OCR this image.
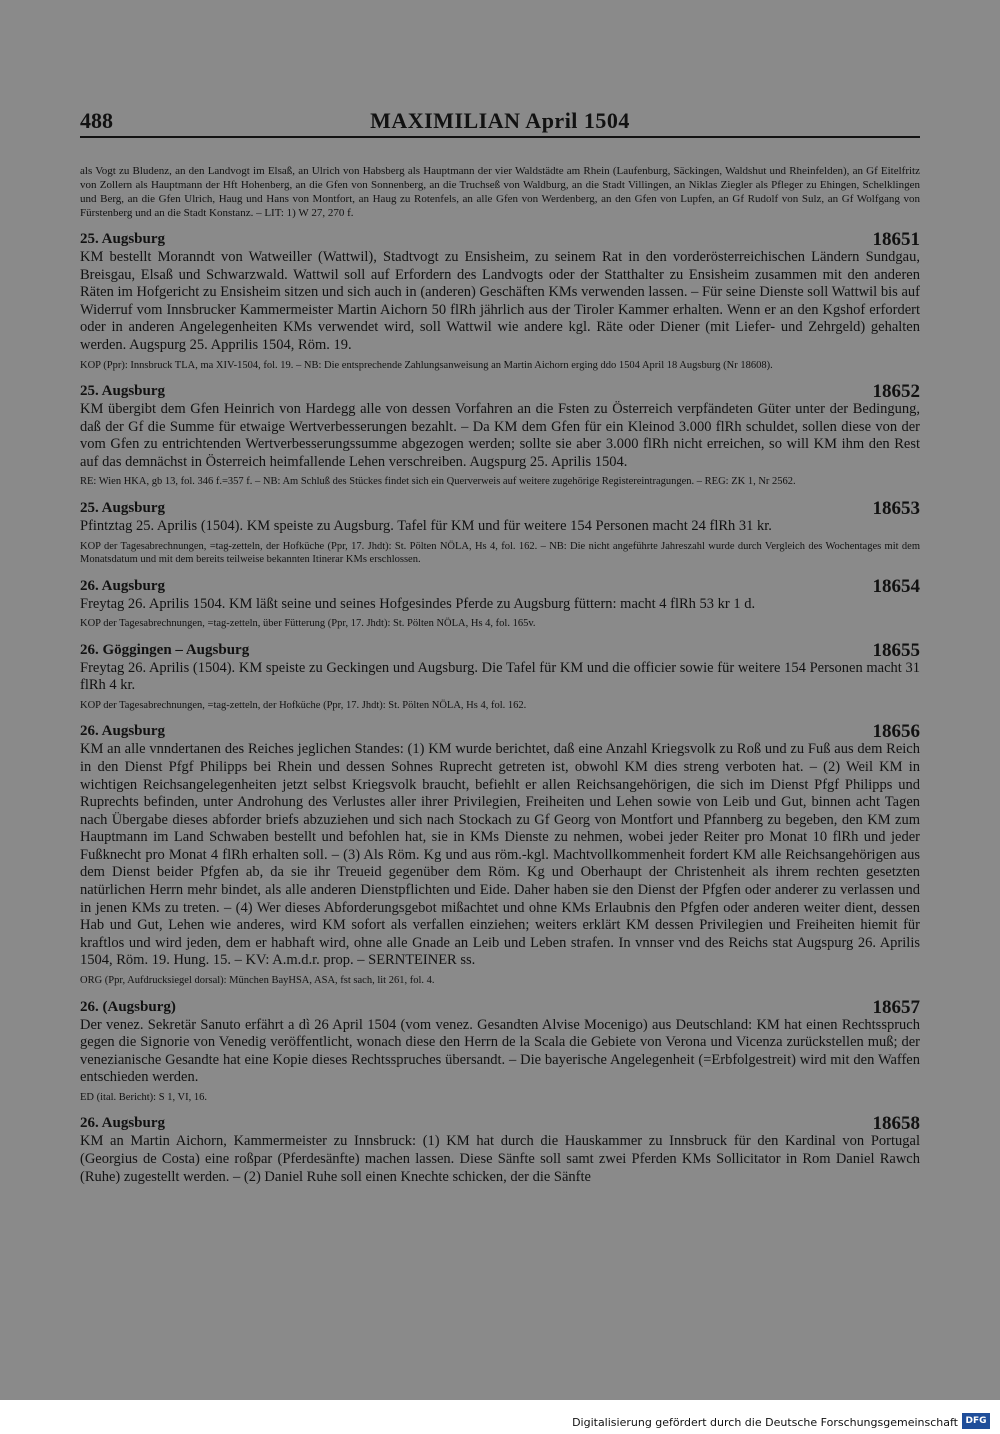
488	MAXIMILIAN April 1504

als Vogt zu Bludenz, an den Landvogt im Elsaß, an Ulrich von Habsberg als Hauptmann der vier Waldstädte am Rhein (Laufenburg, Säckingen, Waldshut und Rheinfelden), an Gf Eitelfritz von Zollern als Hauptmann der Hft Hohenberg, an die Gfen von Sonnenberg, an die Truchseß von Waldburg, an die Stadt Villingen, an Niklas Ziegler als Pfleger zu Ehingen, Schelklingen und Berg, an die Gfen Ulrich, Haug und Hans von Montfort, an Haug zu Rotenfels, an alle Gfen von Werdenberg, an den Gfen von Lupfen, an Gf Rudolf von Sulz, an Gf Wolfgang von Fürstenberg und an die Stadt Konstanz. – LIT: 1) W 27, 270 f.

25. Augsburg	18651

KM bestellt Moranndt von Watweiller (Wattwil), Stadtvogt zu Ensisheim, zu seinem Rat in den vorderösterreichischen Ländern Sundgau, Breisgau, Elsaß und Schwarzwald. Wattwil soll auf Erfordern des Landvogts oder der Statthalter zu Ensisheim zusammen mit den anderen Räten im Hofgericht zu Ensisheim sitzen und sich auch in (anderen) Geschäften KMs verwenden lassen. – Für seine Dienste soll Wattwil bis auf Widerruf vom Innsbrucker Kammermeister Martin Aichorn 50 flRh jährlich aus der Tiroler Kammer erhalten. Wenn er an den Kgshof erfordert oder in anderen Angelegenheiten KMs verwendet wird, soll Wattwil wie andere kgl. Räte oder Diener (mit Liefer- und Zehrgeld) gehalten werden. Augspurg 25. Apprilis 1504, Röm. 19.

KOP (Ppr): Innsbruck TLA, ma XIV-1504, fol. 19. – NB: Die entsprechende Zahlungsanweisung an Martin Aichorn erging ddo 1504 April 18 Augsburg (Nr 18608).

25. Augsburg	18652

KM übergibt dem Gfen Heinrich von Hardegg alle von dessen Vorfahren an die Fsten zu Österreich verpfändeten Güter unter der Bedingung, daß der Gf die Summe für etwaige Wertverbesserungen bezahlt. – Da KM dem Gfen für ein Kleinod 3.000 flRh schuldet, sollen diese von der vom Gfen zu entrichtenden Wertverbesserungssumme abgezogen werden; sollte sie aber 3.000 flRh nicht erreichen, so will KM ihm den Rest auf das demnächst in Österreich heimfallende Lehen verschreiben. Augspurg 25. Aprilis 1504.

RE: Wien HKA, gb 13, fol. 346 f.=357 f. – NB: Am Schluß des Stückes findet sich ein Querverweis auf weitere zugehörige Registereintragungen. – REG: ZK 1, Nr 2562.

25. Augsburg	18653

Pfintztag 25. Aprilis (1504). KM speiste zu Augsburg. Tafel für KM und für weitere 154 Personen macht 24 flRh 31 kr.

KOP der Tagesabrechnungen, =tag-zetteln, der Hofküche (Ppr, 17. Jhdt): St. Pölten NÖLA, Hs 4, fol. 162. – NB: Die nicht angeführte Jahreszahl wurde durch Vergleich des Wochentages mit dem Monatsdatum und mit dem bereits teilweise bekannten Itinerar KMs erschlossen.

26. Augsburg	18654

Freytag 26. Aprilis 1504. KM läßt seine und seines Hofgesindes Pferde zu Augsburg füttern: macht 4 flRh 53 kr 1 d.

KOP der Tagesabrechnungen, =tag-zetteln, über Fütterung (Ppr, 17. Jhdt): St. Pölten NÖLA, Hs 4, fol. 165v.

26. Göggingen – Augsburg	18655

Freytag 26. Aprilis (1504). KM speiste zu Geckingen und Augsburg. Die Tafel für KM und die officier sowie für weitere 154 Personen macht 31 flRh 4 kr.

KOP der Tagesabrechnungen, =tag-zetteln, der Hofküche (Ppr, 17. Jhdt): St. Pölten NÖLA, Hs 4, fol. 162.

26. Augsburg	18656

KM an alle vnndertanen des Reiches jeglichen Standes: (1) KM wurde berichtet, daß eine Anzahl Kriegsvolk zu Roß und zu Fuß aus dem Reich in den Dienst Pfgf Philipps bei Rhein und dessen Sohnes Ruprecht getreten ist, obwohl KM dies streng verboten hat. – (2) Weil KM in wichtigen Reichsangelegenheiten jetzt selbst Kriegsvolk braucht, befiehlt er allen Reichsangehörigen, die sich im Dienst Pfgf Philipps und Ruprechts befinden, unter Androhung des Verlustes aller ihrer Privilegien, Freiheiten und Lehen sowie von Leib und Gut, binnen acht Tagen nach Übergabe dieses abforder briefs abzuziehen und sich nach Stockach zu Gf Georg von Montfort und Pfannberg zu begeben, den KM zum Hauptmann im Land Schwaben bestellt und befohlen hat, sie in KMs Dienste zu nehmen, wobei jeder Reiter pro Monat 10 flRh und jeder Fußknecht pro Monat 4 flRh erhalten soll. – (3) Als Röm. Kg und aus röm.-kgl. Machtvollkommenheit fordert KM alle Reichsangehörigen aus dem Dienst beider Pfgfen ab, da sie ihr Treueid gegenüber dem Röm. Kg und Oberhaupt der Christenheit als ihrem rechten gesetzten natürlichen Herrn mehr bindet, als alle anderen Dienstpflichten und Eide. Daher haben sie den Dienst der Pfgfen oder anderer zu verlassen und in jenen KMs zu treten. – (4) Wer dieses Abforderungsgebot mißachtet und ohne KMs Erlaubnis den Pfgfen oder anderen weiter dient, dessen Hab und Gut, Lehen wie anderes, wird KM sofort als verfallen einziehen; weiters erklärt KM dessen Privilegien und Freiheiten hiemit für kraftlos und wird jeden, dem er habhaft wird, ohne alle Gnade an Leib und Leben strafen. In vnnser vnd des Reichs stat Augspurg 26. Aprilis 1504, Röm. 19. Hung. 15. – KV: A.m.d.r. prop. – SERNTEINER ss.

ORG (Ppr, Aufdrucksiegel dorsal): München BayHSA, ASA, fst sach, lit 261, fol. 4.

26. (Augsburg)	18657

Der venez. Sekretär Sanuto erfährt a dì 26 April 1504 (vom venez. Gesandten Alvise Mocenigo) aus Deutschland: KM hat einen Rechtsspruch gegen die Signorie von Venedig veröffentlicht, wonach diese den Herrn de la Scala die Gebiete von Verona und Vicenza zurückstellen muß; der venezianische Gesandte hat eine Kopie dieses Rechtsspruches übersandt. – Die bayerische Angelegenheit (=Erbfolgestreit) wird mit den Waffen entschieden werden.

ED (ital. Bericht): S 1, VI, 16.

26. Augsburg	18658

KM an Martin Aichorn, Kammermeister zu Innsbruck: (1) KM hat durch die Hauskammer zu Innsbruck für den Kardinal von Portugal (Georgius de Costa) eine roßpar (Pferdesänfte) machen lassen. Diese Sänfte soll samt zwei Pferden KMs Sollicitator in Rom Daniel Rawch (Ruhe) zugestellt werden. – (2) Daniel Ruhe soll einen Knechte schicken, der die Sänfte

Digitalisierung gefördert durch die Deutsche Forschungsgemeinschaft DFG
